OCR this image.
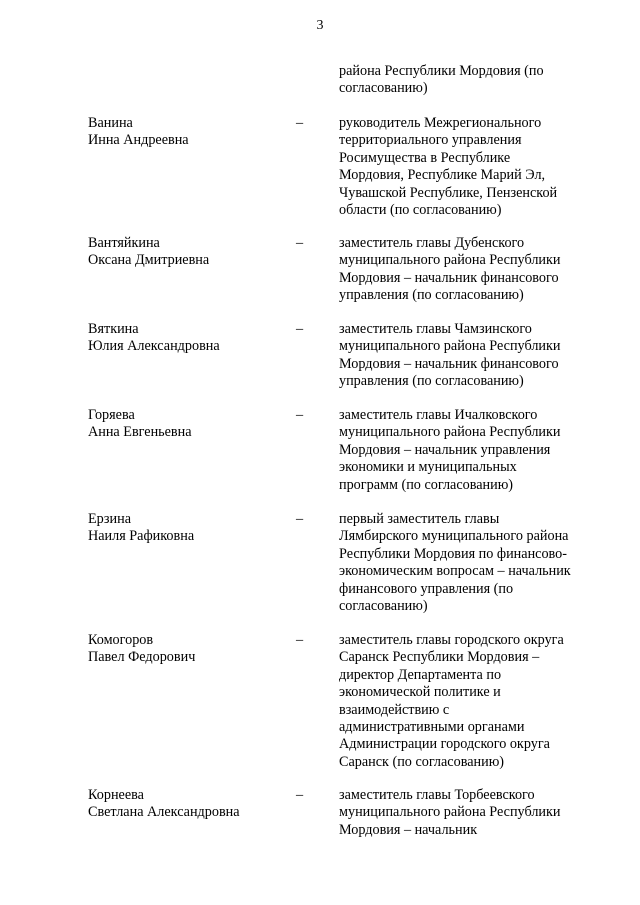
3
района Республики Мордовия (по
согласованию)
Ванина
Инна Андреевна
–	руководитель Межрегионального
территориального управления
Росимущества в Республике
Мордовия, Республике Марий Эл,
Чувашской Республике, Пензенской
области (по согласованию)
Вантяйкина
Оксана Дмитриевна
–	заместитель главы Дубенского
муниципального района Республики
Мордовия – начальник финансового
управления (по согласованию)
Вяткина
Юлия Александровна
–	заместитель главы Чамзинского
муниципального района Республики
Мордовия – начальник финансового
управления (по согласованию)
Горяева
Анна Евгеньевна
–	заместитель главы Ичалковского
муниципального района Республики
Мордовия – начальник управления
экономики и муниципальных
программ (по согласованию)
Ерзина
Наиля Рафиковна
–	первый заместитель главы
Лямбирского муниципального района
Республики Мордовия по финансово-
экономическим вопросам – начальник
финансового управления (по
согласованию)
Комогоров
Павел Федорович
–	заместитель главы городского округа
Саранск Республики Мордовия –
директор Департамента по
экономической политике и
взаимодействию с
административными органами
Администрации городского округа
Саранск (по согласованию)
Корнеева
Светлана Александровна
–	заместитель главы Торбеевского
муниципального района Республики
Мордовия – начальник
